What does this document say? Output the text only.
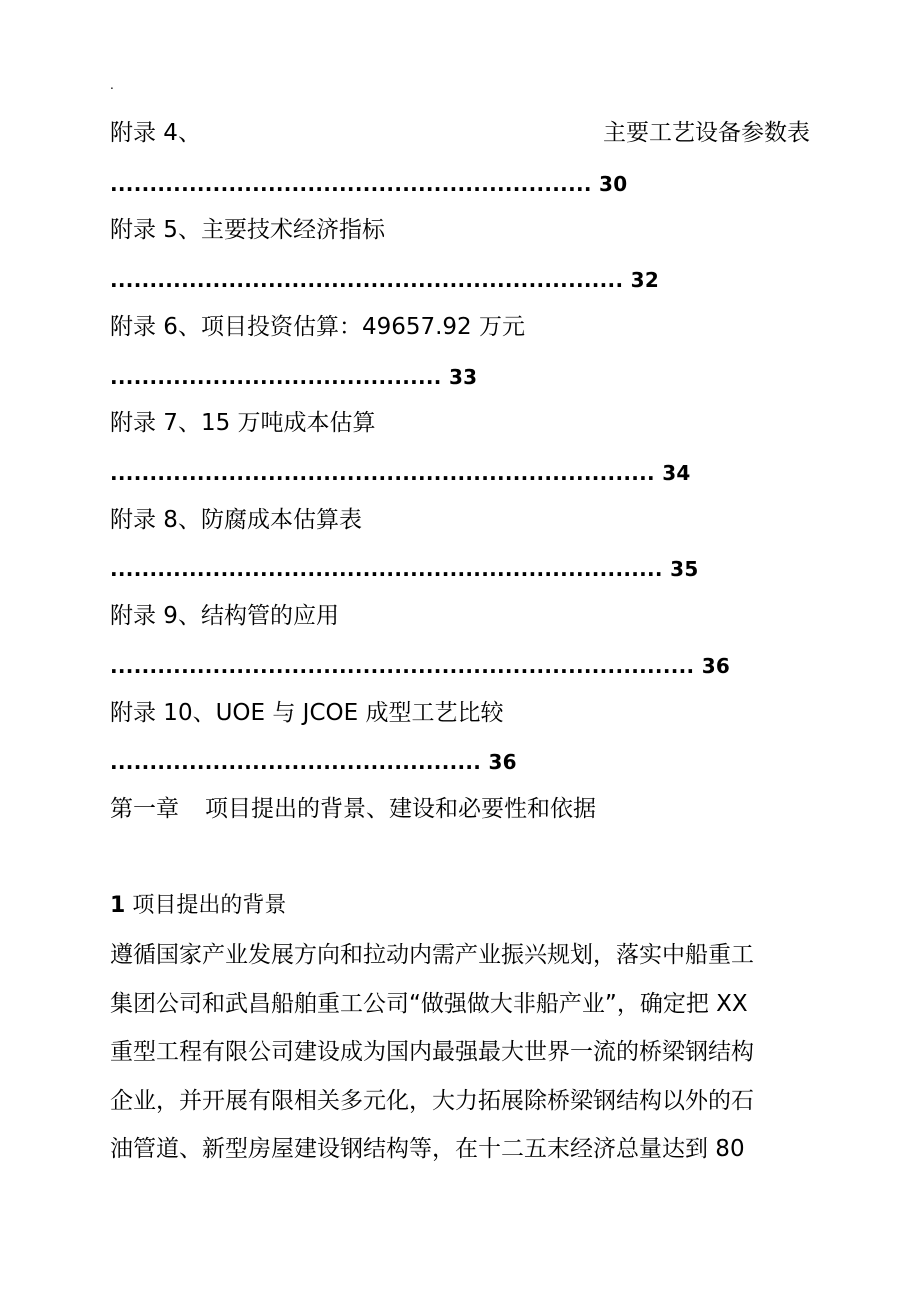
.
附录 4、	主要工艺设备参数表
............................................................. 30
附录 5、主要技术经济指标
................................................................. 32
附录 6、项目投资估算：49657.92 万元
.......................................... 33
附录 7、15 万吨成本估算
..................................................................... 34
附录 8、防腐成本估算表
...................................................................... 35
附录 9、结构管的应用
.......................................................................... 36
附录 10、UOE 与 JCOE 成型工艺比较
............................................... 36
第一章 项目提出的背景、建设和必要性和依据
1 项目提出的背景
遵循国家产业发展方向和拉动内需产业振兴规划，落实中船重工
集团公司和武昌船舶重工公司“做强做大非船产业”，确定把 XX
重型工程有限公司建设成为国内最强最大世界一流的桥梁钢结构
企业，并开展有限相关多元化，大力拓展除桥梁钢结构以外的石
油管道、新型房屋建设钢结构等，在十二五末经济总量达到 80
